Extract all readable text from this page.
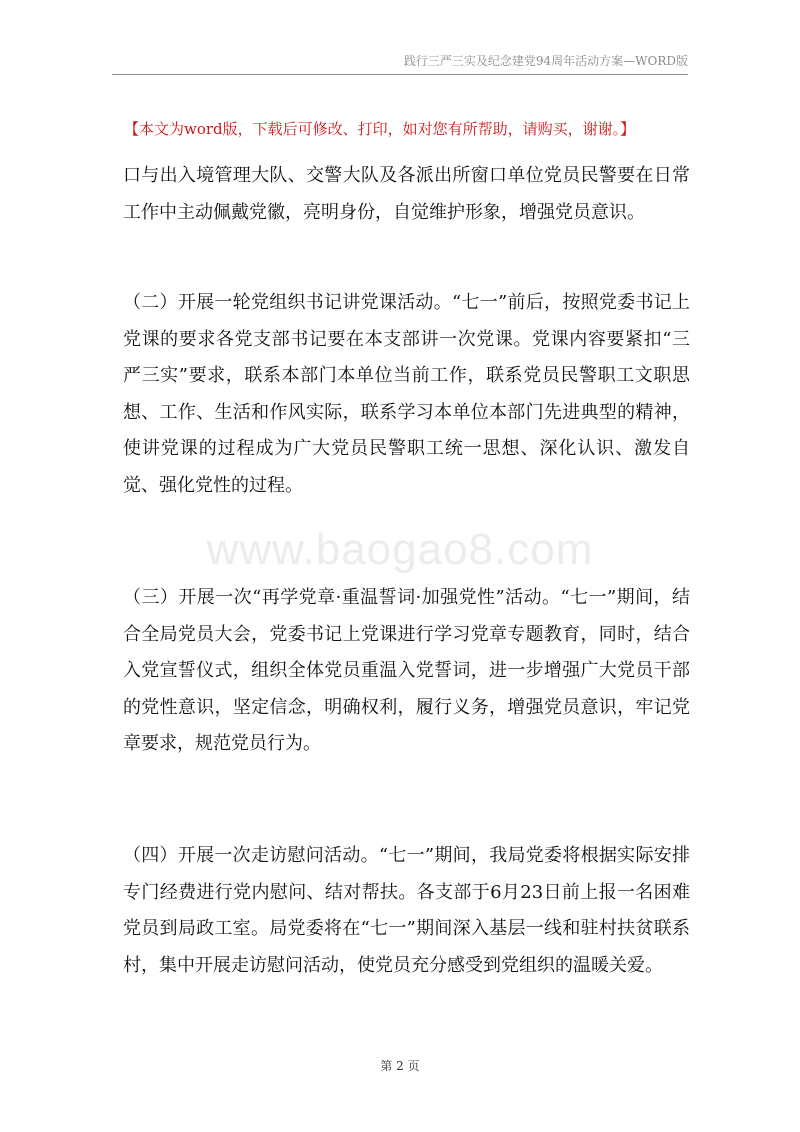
践行三严三实及纪念建党94周年活动方案—WORD版
【本文为word版，下载后可修改、打印，如对您有所帮助，请购买，谢谢。】
www.baogao8.com
口与出入境管理大队、交警大队及各派出所窗口单位党员民警要在日常工作中主动佩戴党徽，亮明身份，自觉维护形象，增强党员意识。
（二）开展一轮党组织书记讲党课活动。“七一”前后，按照党委书记上党课的要求各党支部书记要在本支部讲一次党课。党课内容要紧扣“三严三实”要求，联系本部门本单位当前工作，联系党员民警职工文职思想、工作、生活和作风实际，联系学习本单位本部门先进典型的精神，使讲党课的过程成为广大党员民警职工统一思想、深化认识、激发自觉、强化党性的过程。
（三）开展一次“再学党章·重温誓词·加强党性”活动。“七一”期间，结合全局党员大会，党委书记上党课进行学习党章专题教育，同时，结合入党宣誓仪式，组织全体党员重温入党誓词，进一步增强广大党员干部的党性意识，坚定信念，明确权利，履行义务，增强党员意识，牢记党章要求，规范党员行为。
（四）开展一次走访慰问活动。“七一”期间，我局党委将根据实际安排专门经费进行党内慰问、结对帮扶。各支部于6月23日前上报一名困难党员到局政工室。局党委将在“七一”期间深入基层一线和驻村扶贫联系村，集中开展走访慰问活动，使党员充分感受到党组织的温暖关爱。
第 2 页
